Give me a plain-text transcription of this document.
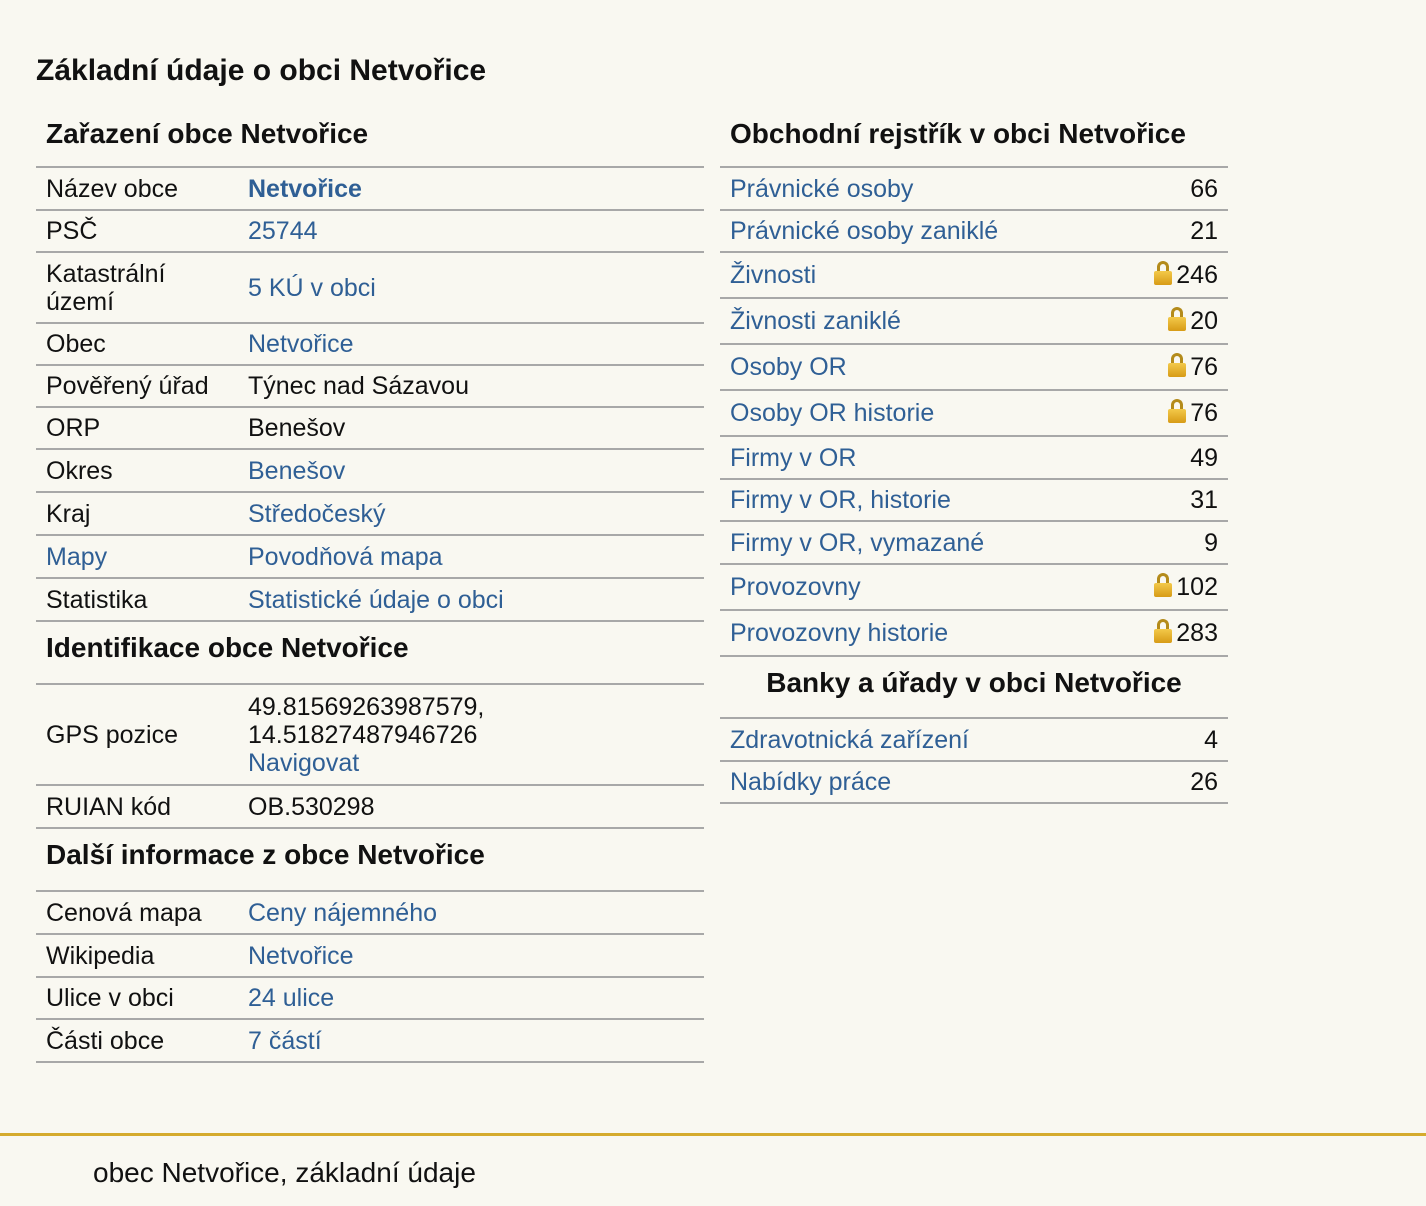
Základní údaje o obci Netvořice
Zařazení obce Netvořice
Název obce	Netvořice
PSČ	25744
Katastrální území	5 KÚ v obci
Obec	Netvořice
Pověřený úřad	Týnec nad Sázavou
ORP	Benešov
Okres	Benešov
Kraj	Středočeský
Mapy	Povodňová mapa
Statistika	Statistické údaje o obci
Identifikace obce Netvořice
GPS pozice	49.81569263987579,
14.51827487946726
Navigovat
RUIAN kód	OB.530298
Další informace z obce Netvořice
Cenová mapa	Ceny nájemného
Wikipedia	Netvořice
Ulice v obci	24 ulice
Části obce	7 částí
Obchodní rejstřík v obci Netvořice
Právnické osoby	66
Právnické osoby zaniklé	21
Živnosti	246
Živnosti zaniklé	20
Osoby OR	76
Osoby OR historie	76
Firmy v OR	49
Firmy v OR, historie	31
Firmy v OR, vymazané	9
Provozovny	102
Provozovny historie	283
Banky a úřady v obci Netvořice
Zdravotnická zařízení	4
Nabídky práce	26
obec Netvořice, základní údaje
